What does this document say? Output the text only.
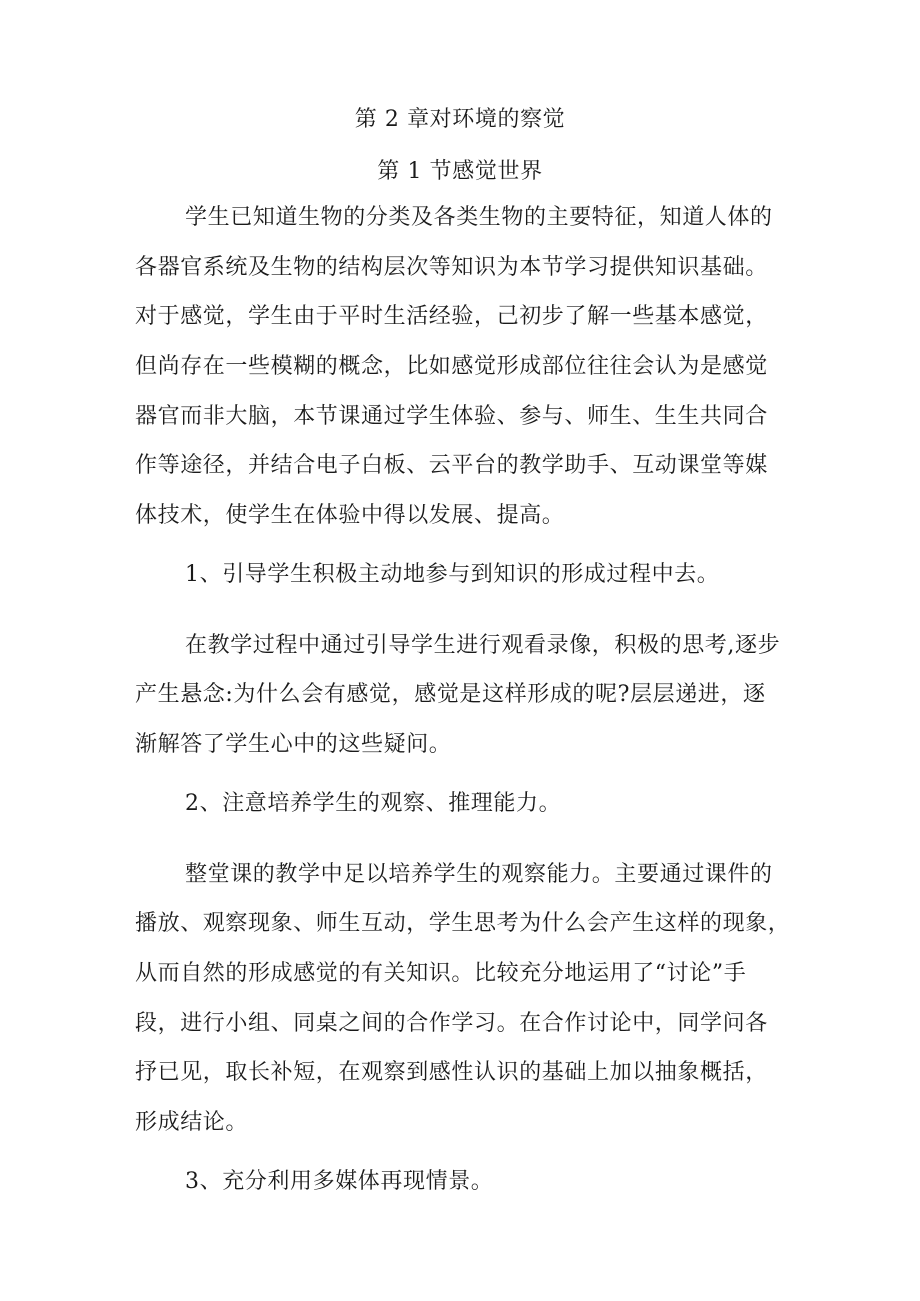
第 2 章对环境的察觉
第 1 节感觉世界
学生已知道生物的分类及各类生物的主要特征，知道人体的
各器官系统及生物的结构层次等知识为本节学习提供知识基础。
对于感觉，学生由于平时生活经验，己初步了解一些基本感觉，
但尚存在一些模糊的概念，比如感觉形成部位往往会认为是感觉
器官而非大脑，本节课通过学生体验、参与、师生、生生共同合
作等途径，并结合电子白板、云平台的教学助手、互动课堂等媒
体技术，使学生在体验中得以发展、提高。
1、引导学生积极主动地参与到知识的形成过程中去。
在教学过程中通过引导学生进行观看录像，积极的思考,逐步
产生悬念:为什么会有感觉，感觉是这样形成的呢?层层递进，逐
渐解答了学生心中的这些疑问。
2、注意培养学生的观察、推理能力。
整堂课的教学中足以培养学生的观察能力。主要通过课件的
播放、观察现象、师生互动，学生思考为什么会产生这样的现象，
从而自然的形成感觉的有关知识。比较充分地运用了“讨论”手
段，进行小组、同桌之间的合作学习。在合作讨论中，同学问各
抒已见，取长补短，在观察到感性认识的基础上加以抽象概括，
形成结论。
3、充分利用多媒体再现情景。
